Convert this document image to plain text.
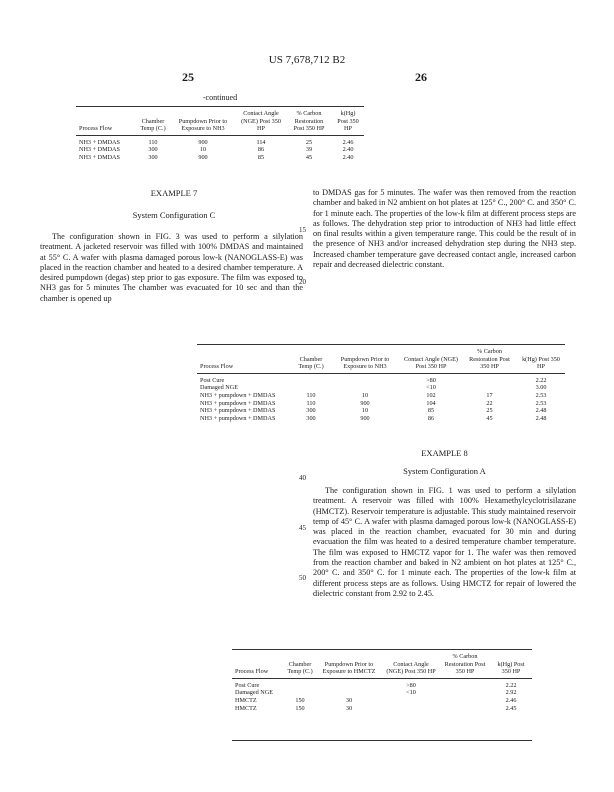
US 7,678,712 B2
25	26
-continued
Process Flow	Chamber Temp (C.)	Pumpdown Prior to Exposure to NH3	Contact Angle (NGE) Post 350 HP	% Carbon Restoration Post 350 HP	k(Hg) Post 350 HP
NH3 + DMDAS	110	900	114	25	2.46
NH3 + DMDAS	300	10	86	39	2.40
NH3 + DMDAS	300	900	85	45	2.40
EXAMPLE 7
System Configuration C
The configuration shown in FIG. 3 was used to perform a silylation treatment. A jacketed reservoir was filled with 100% DMDAS and maintained at 55° C. A wafer with plasma damaged porous low-k (NANOGLASS-E) was placed in the reaction chamber and heated to a desired chamber temperature. A desired pumpdown (degas) step prior to gas exposure. The film was exposed to NH3 gas for 5 minutes The chamber was evacuated for 10 sec and than the chamber is opened up
to DMDAS gas for 5 minutes. The wafer was then removed from the reaction chamber and baked in N2 ambient on hot plates at 125° C., 200° C. and 350° C. for 1 minute each. The properties of the low-k film at different process steps are as follows. The dehydration step prior to introduction of NH3 had little effect on final results within a given temperature range. This could be the result of in the presence of NH3 and/or increased dehydration step during the NH3 step. Increased chamber temperature gave decreased contact angle, increased carbon repair and decreased dielectric constant.
15
20
Process Flow	Chamber Temp (C.)	Pumpdown Prior to Exposure to NH3	Contact Angle (NGE) Post 350 HP	% Carbon Restoration Post 350 HP	k(Hg) Post 350 HP
Post Cure			>80		2.22
Damaged NGE			<10		3.00
NH3 + pumpdown + DMDAS	110	10	102	17	2.53
NH3 + pumpdown + DMDAS	110	900	104	22	2.53
NH3 + pumpdown + DMDAS	300	10	85	25	2.48
NH3 + pumpdown + DMDAS	300	900	86	45	2.48
EXAMPLE 8
System Configuration A
The configuration shown in FIG. 1 was used to perform a silylation treatment. A reservoir was filled with 100% Hexamethylcyclotrisilazane (HMCTZ). Reservoir temperature is adjustable. This study maintained reservoir temp of 45° C. A wafer with plasma damaged porous low-k (NANOGLASS-E) was placed in the reaction chamber, evacuated for 30 min and during evacuation the film was heated to a desired temperature chamber temperature. The film was exposed to HMCTZ vapor for 1. The wafer was then removed from the reaction chamber and baked in N2 ambient on hot plates at 125° C., 200° C. and 350° C. for 1 minute each. The properties of the low-k film at different process steps are as follows. Using HMCTZ for repair of lowered the dielectric constant from 2.92 to 2.45.
40
45
50
Process Flow	Chamber Temp (C.)	Pumpdown Prior to Exposure to HMCTZ	Contact Angle (NGE) Post 350 HP	% Carbon Restoration Post 350 HP	k(Hg) Post 350 HP
Post Cure			>80		2.22
Damaged NGE			<10		2.92
HMCTZ	150	30			2.46
HMCTZ	150	30			2.45
